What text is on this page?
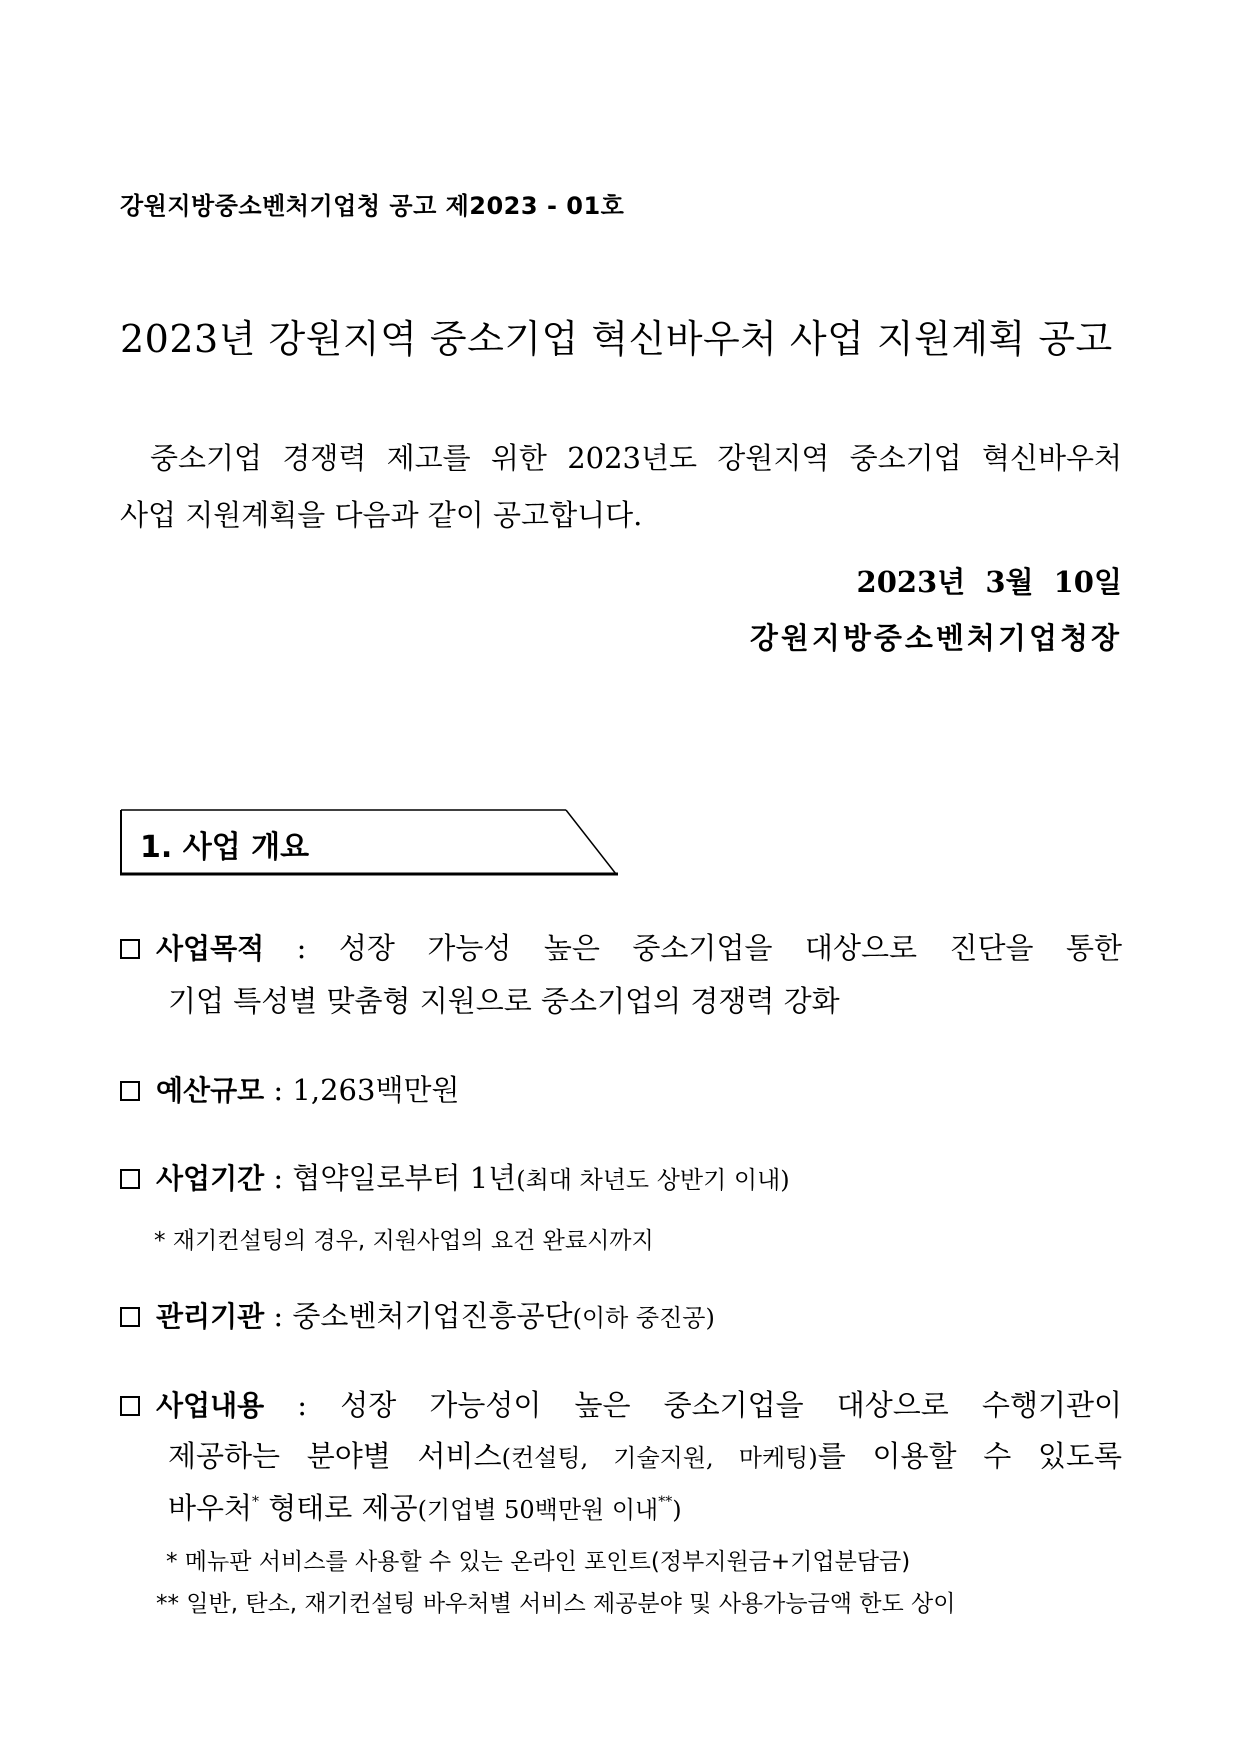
강원지방중소벤처기업청 공고 제2023 - 01호
2023년 강원지역 중소기업 혁신바우처 사업 지원계획 공고
중소기업 경쟁력 제고를 위한 2023년도 강원지역 중소기업 혁신바우처
사업 지원계획을 다음과 같이 공고합니다.
2023년 3월 10일
강원지방중소벤처기업청장
1. 사업 개요
사업목적 : 성장 가능성 높은 중소기업을 대상으로 진단을 통한
기업 특성별 맞춤형 지원으로 중소기업의 경쟁력 강화
예산규모 : 1,263백만원
사업기간 : 협약일로부터 1년(최대 차년도 상반기 이내)
* 재기컨설팅의 경우, 지원사업의 요건 완료시까지
관리기관 : 중소벤처기업진흥공단(이하 중진공)
사업내용 : 성장 가능성이 높은 중소기업을 대상으로 수행기관이
제공하는 분야별 서비스(컨설팅, 기술지원, 마케팅)를 이용할 수 있도록
바우처* 형태로 제공(기업별 50백만원 이내**)
* 메뉴판 서비스를 사용할 수 있는 온라인 포인트(정부지원금+기업분담금)
** 일반, 탄소, 재기컨설팅 바우처별 서비스 제공분야 및 사용가능금액 한도 상이
